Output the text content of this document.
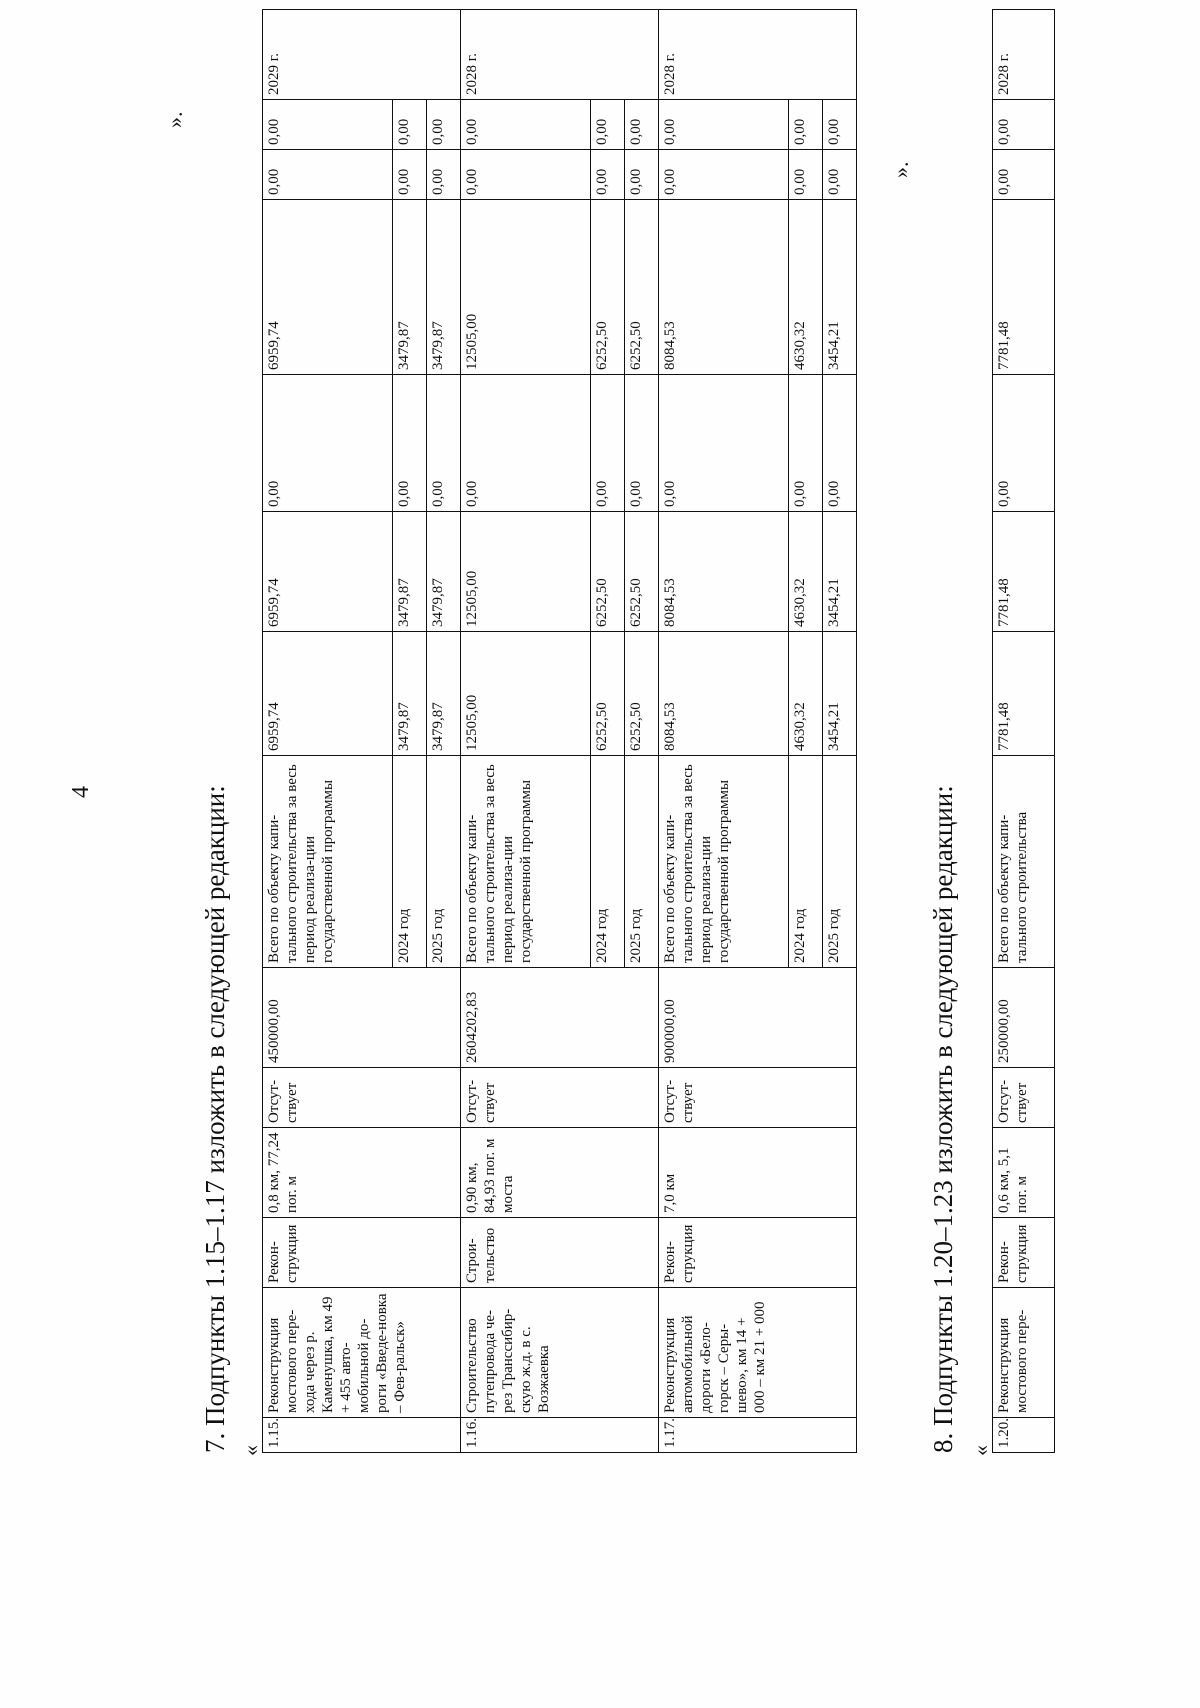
4	7. Подпункты 1.15–1.17 изложить в следующей редакции: «
».
1.15.	Реконструкция мостового пере-хода через р. Каменушка, км 49 + 455 авто-мобильной до-роги «Введе-новка – Фев-ральск»	Рекон-струкция	0,8 км, 77,24 пог. м	Отсут-ствует	450000,00	Всего по объекту капи-тального строительства за весь период реализа-ции государственной программы	6959,74	6959,74	0,00	6959,74	0,00	0,00	2029 г.
						2024 год	3479,87	3479,87	0,00	3479,87	0,00	0,00	
						2025 год	3479,87	3479,87	0,00	3479,87	0,00	0,00	
1.16.	Строительство путепровода че-рез Транссибир-скую ж.д. в с. Возжаевка	Строи-тельство	0,90 км, 84,93 пог. м моста	Отсут-ствует	2604202,83	Всего по объекту капи-тального строительства за весь период реализа-ции государственной программы	12505,00	12505,00	0,00	12505,00	0,00	0,00	2028 г.
						2024 год	6252,50	6252,50	0,00	6252,50	0,00	0,00	
						2025 год	6252,50	6252,50	0,00	6252,50	0,00	0,00	
1.17.	Реконструкция автомобильной дороги «Бело-горск – Серы-шево», км 14 + 000 – км 21 + 000	Рекон-струкция	7,0 км	Отсут-ствует	900000,00	Всего по объекту капи-тального строительства за весь период реализа-ции государственной программы	8084,53	8084,53	0,00	8084,53	0,00	0,00	2028 г.
						2024 год	4630,32	4630,32	0,00	4630,32	0,00	0,00	
						2025 год	3454,21	3454,21	0,00	3454,21	0,00	0,00	
8. Подпункты 1.20–1.23 изложить в следующей редакции: «
».
1.20.	Реконструкция мостового пере-	Рекон-струкция	0,6 км, 5,1 пог. м	Отсут-ствует	250000,00	Всего по объекту капи-тального строительства	7781,48	7781,48	0,00	7781,48	0,00	0,00	2028 г.
